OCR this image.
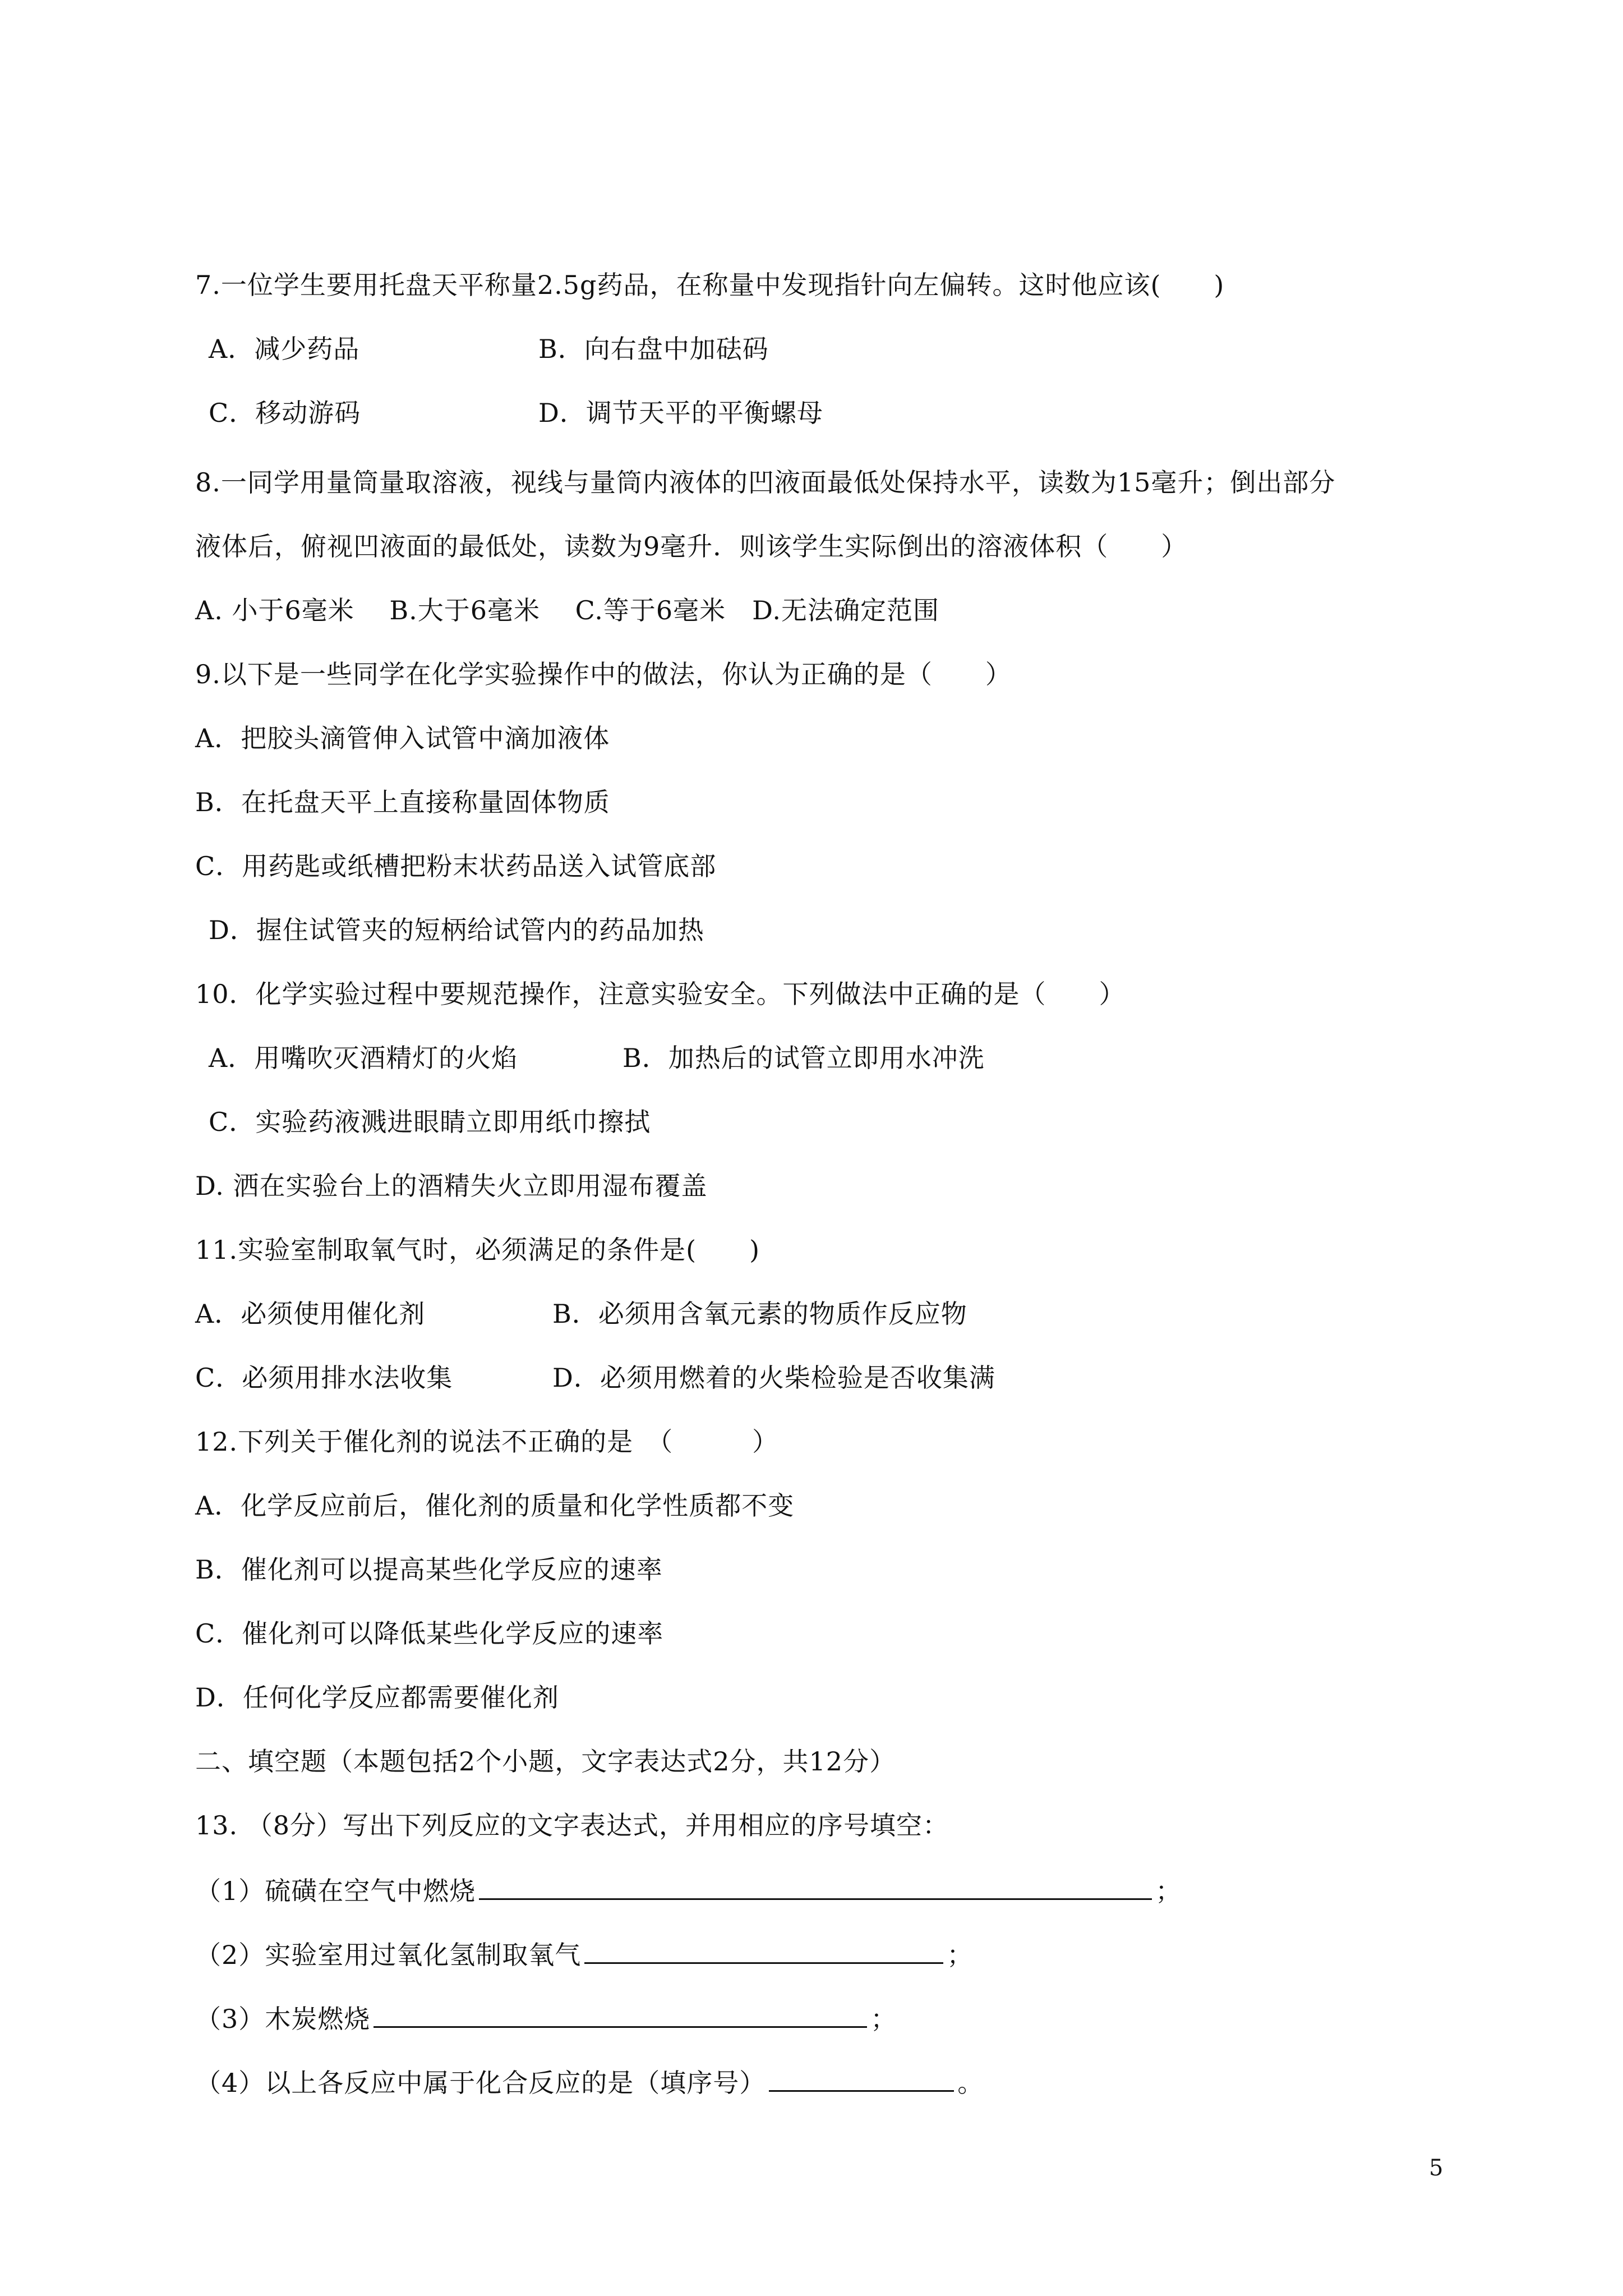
7.一位学生要用托盘天平称量2.5g药品，在称量中发现指针向左偏转。这时他应该(　　)
A．减少药品	B．向右盘中加砝码
C．移动游码	D．调节天平的平衡螺母
8.一同学用量筒量取溶液，视线与量筒内液体的凹液面最低处保持水平，读数为15毫升；倒出部分
液体后，俯视凹液面的最低处，读数为9毫升．则该学生实际倒出的溶液体积（　　）
A. 小于6毫米　 B.大于6毫米　 C.等于6毫米　D.无法确定范围
9.以下是一些同学在化学实验操作中的做法，你认为正确的是（　　）
A．把胶头滴管伸入试管中滴加液体
B．在托盘天平上直接称量固体物质
C．用药匙或纸槽把粉末状药品送入试管底部
D．握住试管夹的短柄给试管内的药品加热
10．化学实验过程中要规范操作，注意实验安全。下列做法中正确的是（　　）
A．用嘴吹灭酒精灯的火焰	B．加热后的试管立即用水冲洗
C．实验药液溅进眼睛立即用纸巾擦拭
D. 洒在实验台上的酒精失火立即用湿布覆盖
11.实验室制取氧气时，必须满足的条件是(　　)
A．必须使用催化剂	B．必须用含氧元素的物质作反应物
C．必须用排水法收集	D．必须用燃着的火柴检验是否收集满
12.下列关于催化剂的说法不正确的是　（　　　）
A．化学反应前后，催化剂的质量和化学性质都不变
B．催化剂可以提高某些化学反应的速率
C．催化剂可以降低某些化学反应的速率
D．任何化学反应都需要催化剂
二、填空题（本题包括2个小题，文字表达式2分，共12分）
13. （8分）写出下列反应的文字表达式，并用相应的序号填空：
（1）硫磺在空气中燃烧	；
（2）实验室用过氧化氢制取氧气	；
（3）木炭燃烧	；
（4）以上各反应中属于化合反应的是（填序号）	。
5
